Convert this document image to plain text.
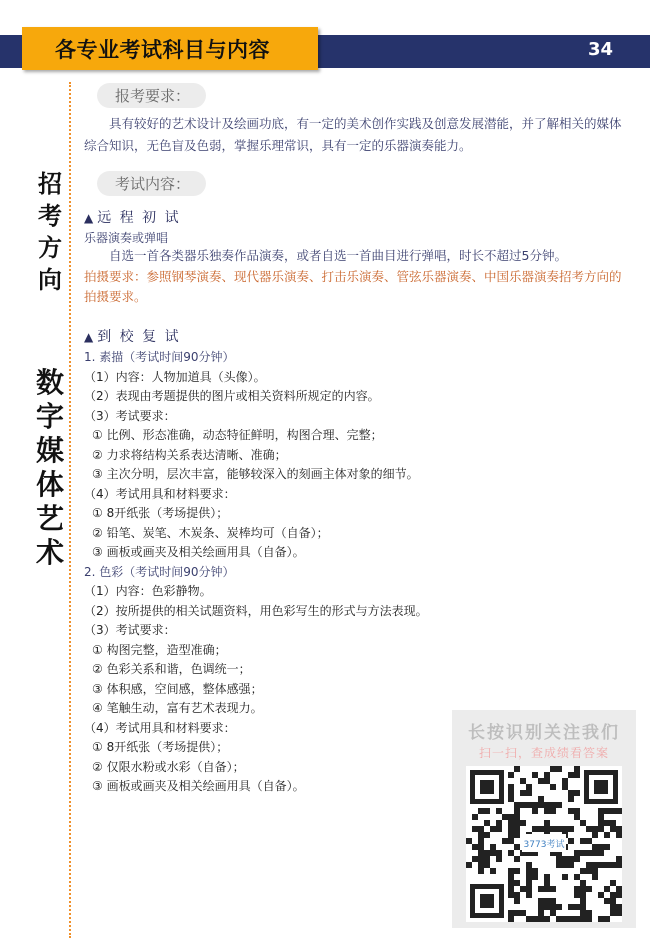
各专业考试科目与内容	34
招
考
方
向
数
字
媒
体
艺
术
报考要求：
具有较好的艺术设计及绘画功底，有一定的美术创作实践及创意发展潜能，并了解相关的媒体综合知识，无色盲及色弱，掌握乐理常识，具有一定的乐器演奏能力。
考试内容：
▲ 远 程 初 试
乐器演奏或弹唱
自选一首各类器乐独奏作品演奏，或者自选一首曲目进行弹唱，时长不超过5分钟。
拍摄要求：参照钢琴演奏、现代器乐演奏、打击乐演奏、管弦乐器演奏、中国乐器演奏招考方向的拍摄要求。
▲ 到 校 复 试
1. 素描（考试时间90分钟）
（1）内容：人物加道具（头像）。
（2）表现由考题提供的图片或相关资料所规定的内容。
（3）考试要求：
① 比例、形态准确，动态特征鲜明，构图合理、完整；
② 力求将结构关系表达清晰、准确；
③ 主次分明，层次丰富，能够较深入的刻画主体对象的细节。
（4）考试用具和材料要求：
① 8开纸张（考场提供）；
② 铅笔、炭笔、木炭条、炭棒均可（自备）；
③ 画板或画夹及相关绘画用具（自备）。
2. 色彩（考试时间90分钟）
（1）内容：色彩静物。
（2）按所提供的相关试题资料，用色彩写生的形式与方法表现。
（3）考试要求：
① 构图完整，造型准确；
② 色彩关系和谐，色调统一；
③ 体积感，空间感，整体感强；
④ 笔触生动，富有艺术表现力。
（4）考试用具和材料要求：
① 8开纸张（考场提供）；
② 仅限水粉或水彩（自备）；
③ 画板或画夹及相关绘画用具（自备）。
长按识别关注我们
扫一扫，查成绩看答案
3773考试
